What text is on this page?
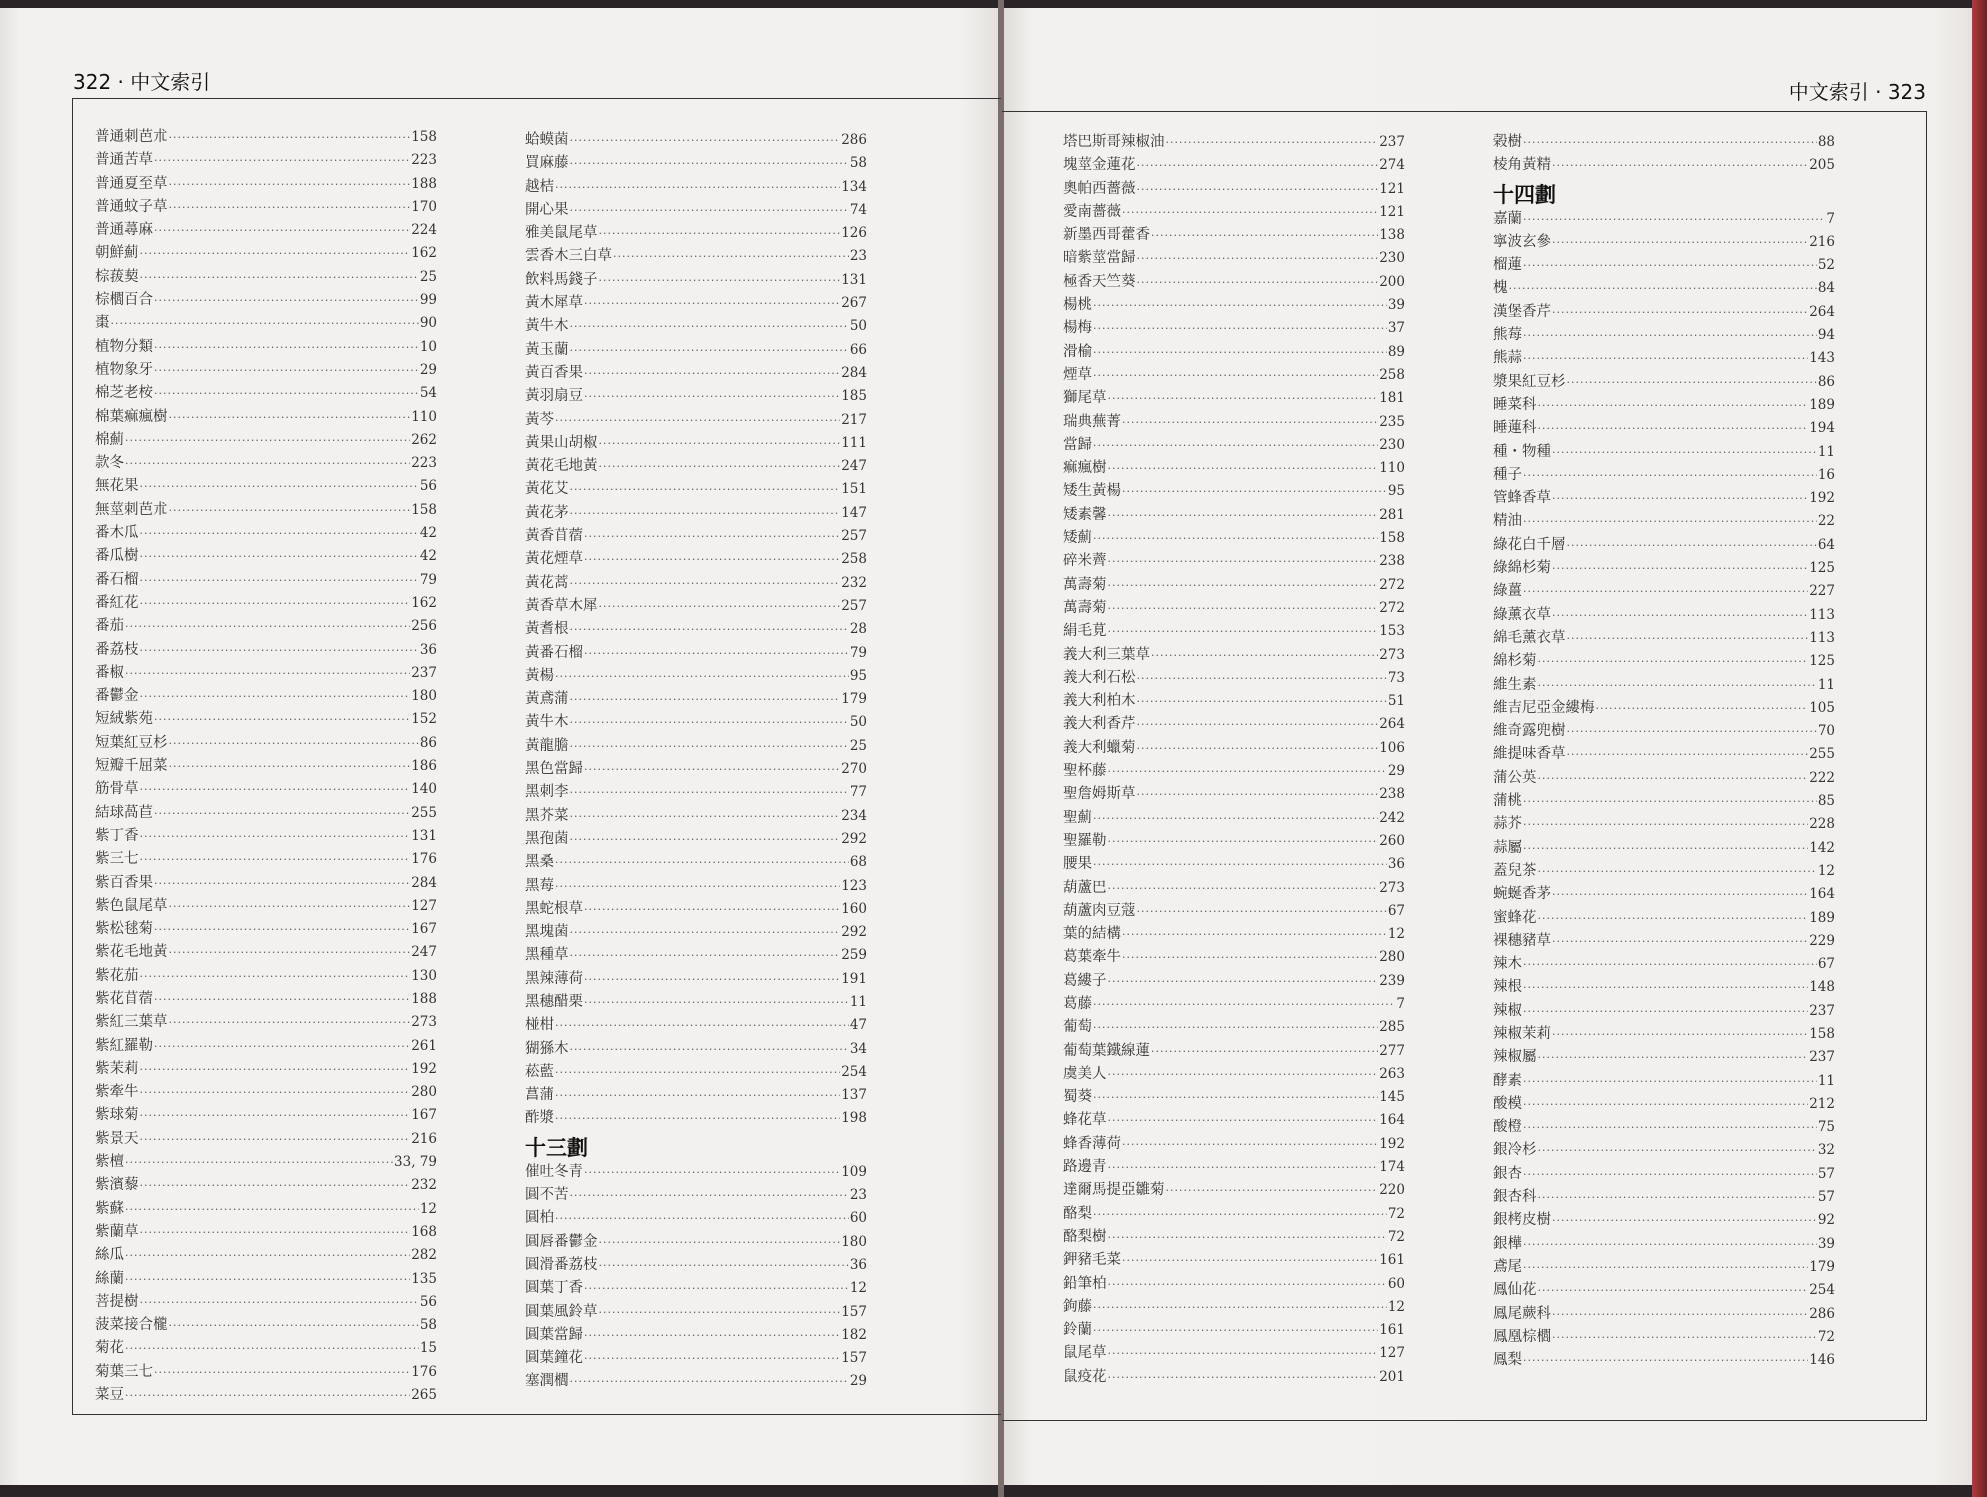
322 · 中文索引	中文索引 · 323
普通刺芭朮 ·····	158
普通苦草 ·····	223
普通夏至草 ·····	188
普通蚊子草 ·····	170
普通蕁麻 ·····	224
朝鮮薊 ·····	162
棕菝葜 ·····	25
棕櫚百合 ·····	99
棗 ·····	90
植物分類 ·····	10
植物象牙 ·····	29
棉芝老桉 ·····	54
棉葉痲瘋樹 ·····	110
棉薊 ·····	262
款冬 ·····	223
無花果 ·····	56
無莖刺芭朮 ·····	158
番木瓜 ·····	42
番瓜樹 ·····	42
番石榴 ·····	79
番紅花 ·····	162
番茄 ·····	256
番荔枝 ·····	36
番椒 ·····	237
番鬱金 ·····	180
短絨紫苑 ·····	152
短葉紅豆杉 ·····	86
短瓣千屈菜 ·····	186
筋骨草 ·····	140
結球萵苣 ·····	255
紫丁香 ·····	131
紫三七 ·····	176
紫百香果 ·····	284
紫色鼠尾草 ·····	127
紫松毬菊 ·····	167
紫花毛地黃 ·····	247
紫花茄 ·····	130
紫花苜蓿 ·····	188
紫紅三葉草 ·····	273
紫紅羅勒 ·····	261
紫茉莉 ·····	192
紫牽牛 ·····	280
紫球菊 ·····	167
紫景天 ·····	216
紫檀 ·····	33, 79
紫濱藜 ·····	232
紫蘇 ·····	12
紫蘭草 ·····	168
絲瓜 ·····	282
絲蘭 ·····	135
菩提樹 ·····	56
菠菜接合櫳 ·····	58
菊花 ·····	15
菊葉三七 ·····	176
菜豆 ·····	265
蛤蟆菌 ·····	286
買麻藤 ·····	58
越桔 ·····	134
開心果 ·····	74
雅美鼠尾草 ·····	126
雲香木三白草 ·····	23
飲料馬錢子 ·····	131
黃木犀草 ·····	267
黃牛木 ·····	50
黃玉蘭 ·····	66
黃百香果 ·····	284
黃羽扇豆 ·····	185
黃芩 ·····	217
黃果山胡椒 ·····	111
黃花毛地黃 ·····	247
黃花艾 ·····	151
黃花茅 ·····	147
黃香苜蓿 ·····	257
黃花煙草 ·····	258
黃花蒿 ·····	232
黃香草木犀 ·····	257
黃耆根 ·····	28
黃番石榴 ·····	79
黃楊 ·····	95
黃鳶蒲 ·····	179
黃牛木 ·····	50
黃龍膽 ·····	25
黑色當歸 ·····	270
黑刺李 ·····	77
黑芥菜 ·····	234
黑孢菌 ·····	292
黑桑 ·····	68
黑莓 ·····	123
黑蛇根草 ·····	160
黑塊菌 ·····	292
黑種草 ·····	259
黑辣薄荷 ·····	191
黑穗醋栗 ·····	11
椪柑 ·····	47
猢猻木 ·····	34
菘藍 ·····	254
菖蒲 ·····	137
酢漿 ·····	198
十三劃
催吐冬青 ·····	109
圓不苦 ·····	23
圓柏 ·····	60
圓唇番鬱金 ·····	180
圓滑番荔枝 ·····	36
圓葉丁香 ·····	12
圓葉風鈴草 ·····	157
圓葉當歸 ·····	182
圓葉鐘花 ·····	157
塞潤櫚 ·····	29
塔巴斯哥辣椒油 ·····	237
塊莖金蓮花 ·····	274
奧帕西薔薇 ·····	121
愛南薔薇 ·····	121
新墨西哥藿香 ·····	138
暗紫莖當歸 ·····	230
極香天竺葵 ·····	200
楊桃 ·····	39
楊梅 ·····	37
滑榆 ·····	89
煙草 ·····	258
獅尾草 ·····	181
瑞典蕪菁 ·····	235
當歸 ·····	230
痲瘋樹 ·····	110
矮生黃楊 ·····	95
矮素馨 ·····	281
矮薊 ·····	158
碎米薺 ·····	238
萬壽菊 ·····	272
萬壽菊 ·····	272
絹毛莧 ·····	153
義大利三葉草 ·····	273
義大利石松 ·····	73
義大利柏木 ·····	51
義大利香芹 ·····	264
義大利蠟菊 ·····	106
聖杯藤 ·····	29
聖詹姆斯草 ·····	238
聖薊 ·····	242
聖羅勒 ·····	260
腰果 ·····	36
葫蘆巴 ·····	273
葫蘆肉豆蔻 ·····	67
葉的結構 ·····	12
葛葉牽牛 ·····	280
葛縷子 ·····	239
葛藤 ·····	7
葡萄 ·····	285
葡萄葉鐵線蓮 ·····	277
虞美人 ·····	263
蜀葵 ·····	145
蜂花草 ·····	164
蜂香薄荷 ·····	192
路邊青 ·····	174
達爾馬提亞雛菊 ·····	220
酪梨 ·····	72
酪梨樹 ·····	72
鉀豬毛菜 ·····	161
鉛筆柏 ·····	60
鉤藤 ·····	12
鈴蘭 ·····	161
鼠尾草 ·····	127
鼠疫花 ·····	201
榖樹 ·····	88
棱角黃精 ·····	205
十四劃
嘉蘭 ·····	7
寧波玄參 ·····	216
榴蓮 ·····	52
槐 ·····	84
漢堡香芹 ·····	264
熊莓 ·····	94
熊蒜 ·····	143
漿果紅豆杉 ·····	86
睡菜科 ·····	189
睡蓮科 ·····	194
種・物種 ·····	11
種子 ·····	16
管蜂香草 ·····	192
精油 ·····	22
綠花白千層 ·····	64
綠綿杉菊 ·····	125
綠薑 ·····	227
綠薰衣草 ·····	113
綿毛薰衣草 ·····	113
綿杉菊 ·····	125
維生素 ·····	11
維吉尼亞金縷梅 ·····	105
維奇露兜樹 ·····	70
維提味香草 ·····	255
蒲公英 ·····	222
蒲桃 ·····	85
蒜芥 ·····	228
蒜屬 ·····	142
蓋兒茶 ·····	12
蜿蜒香茅 ·····	164
蜜蜂花 ·····	189
裸穗豬草 ·····	229
辣木 ·····	67
辣根 ·····	148
辣椒 ·····	237
辣椒茉莉 ·····	158
辣椒屬 ·····	237
酵素 ·····	11
酸模 ·····	212
酸橙 ·····	75
銀冷杉 ·····	32
銀杏 ·····	57
銀杏科 ·····	57
銀栲皮樹 ·····	92
銀樺 ·····	39
鳶尾 ·····	179
鳳仙花 ·····	254
鳳尾蕨科 ·····	286
鳳凰棕櫚 ·····	72
鳳梨 ·····	146
